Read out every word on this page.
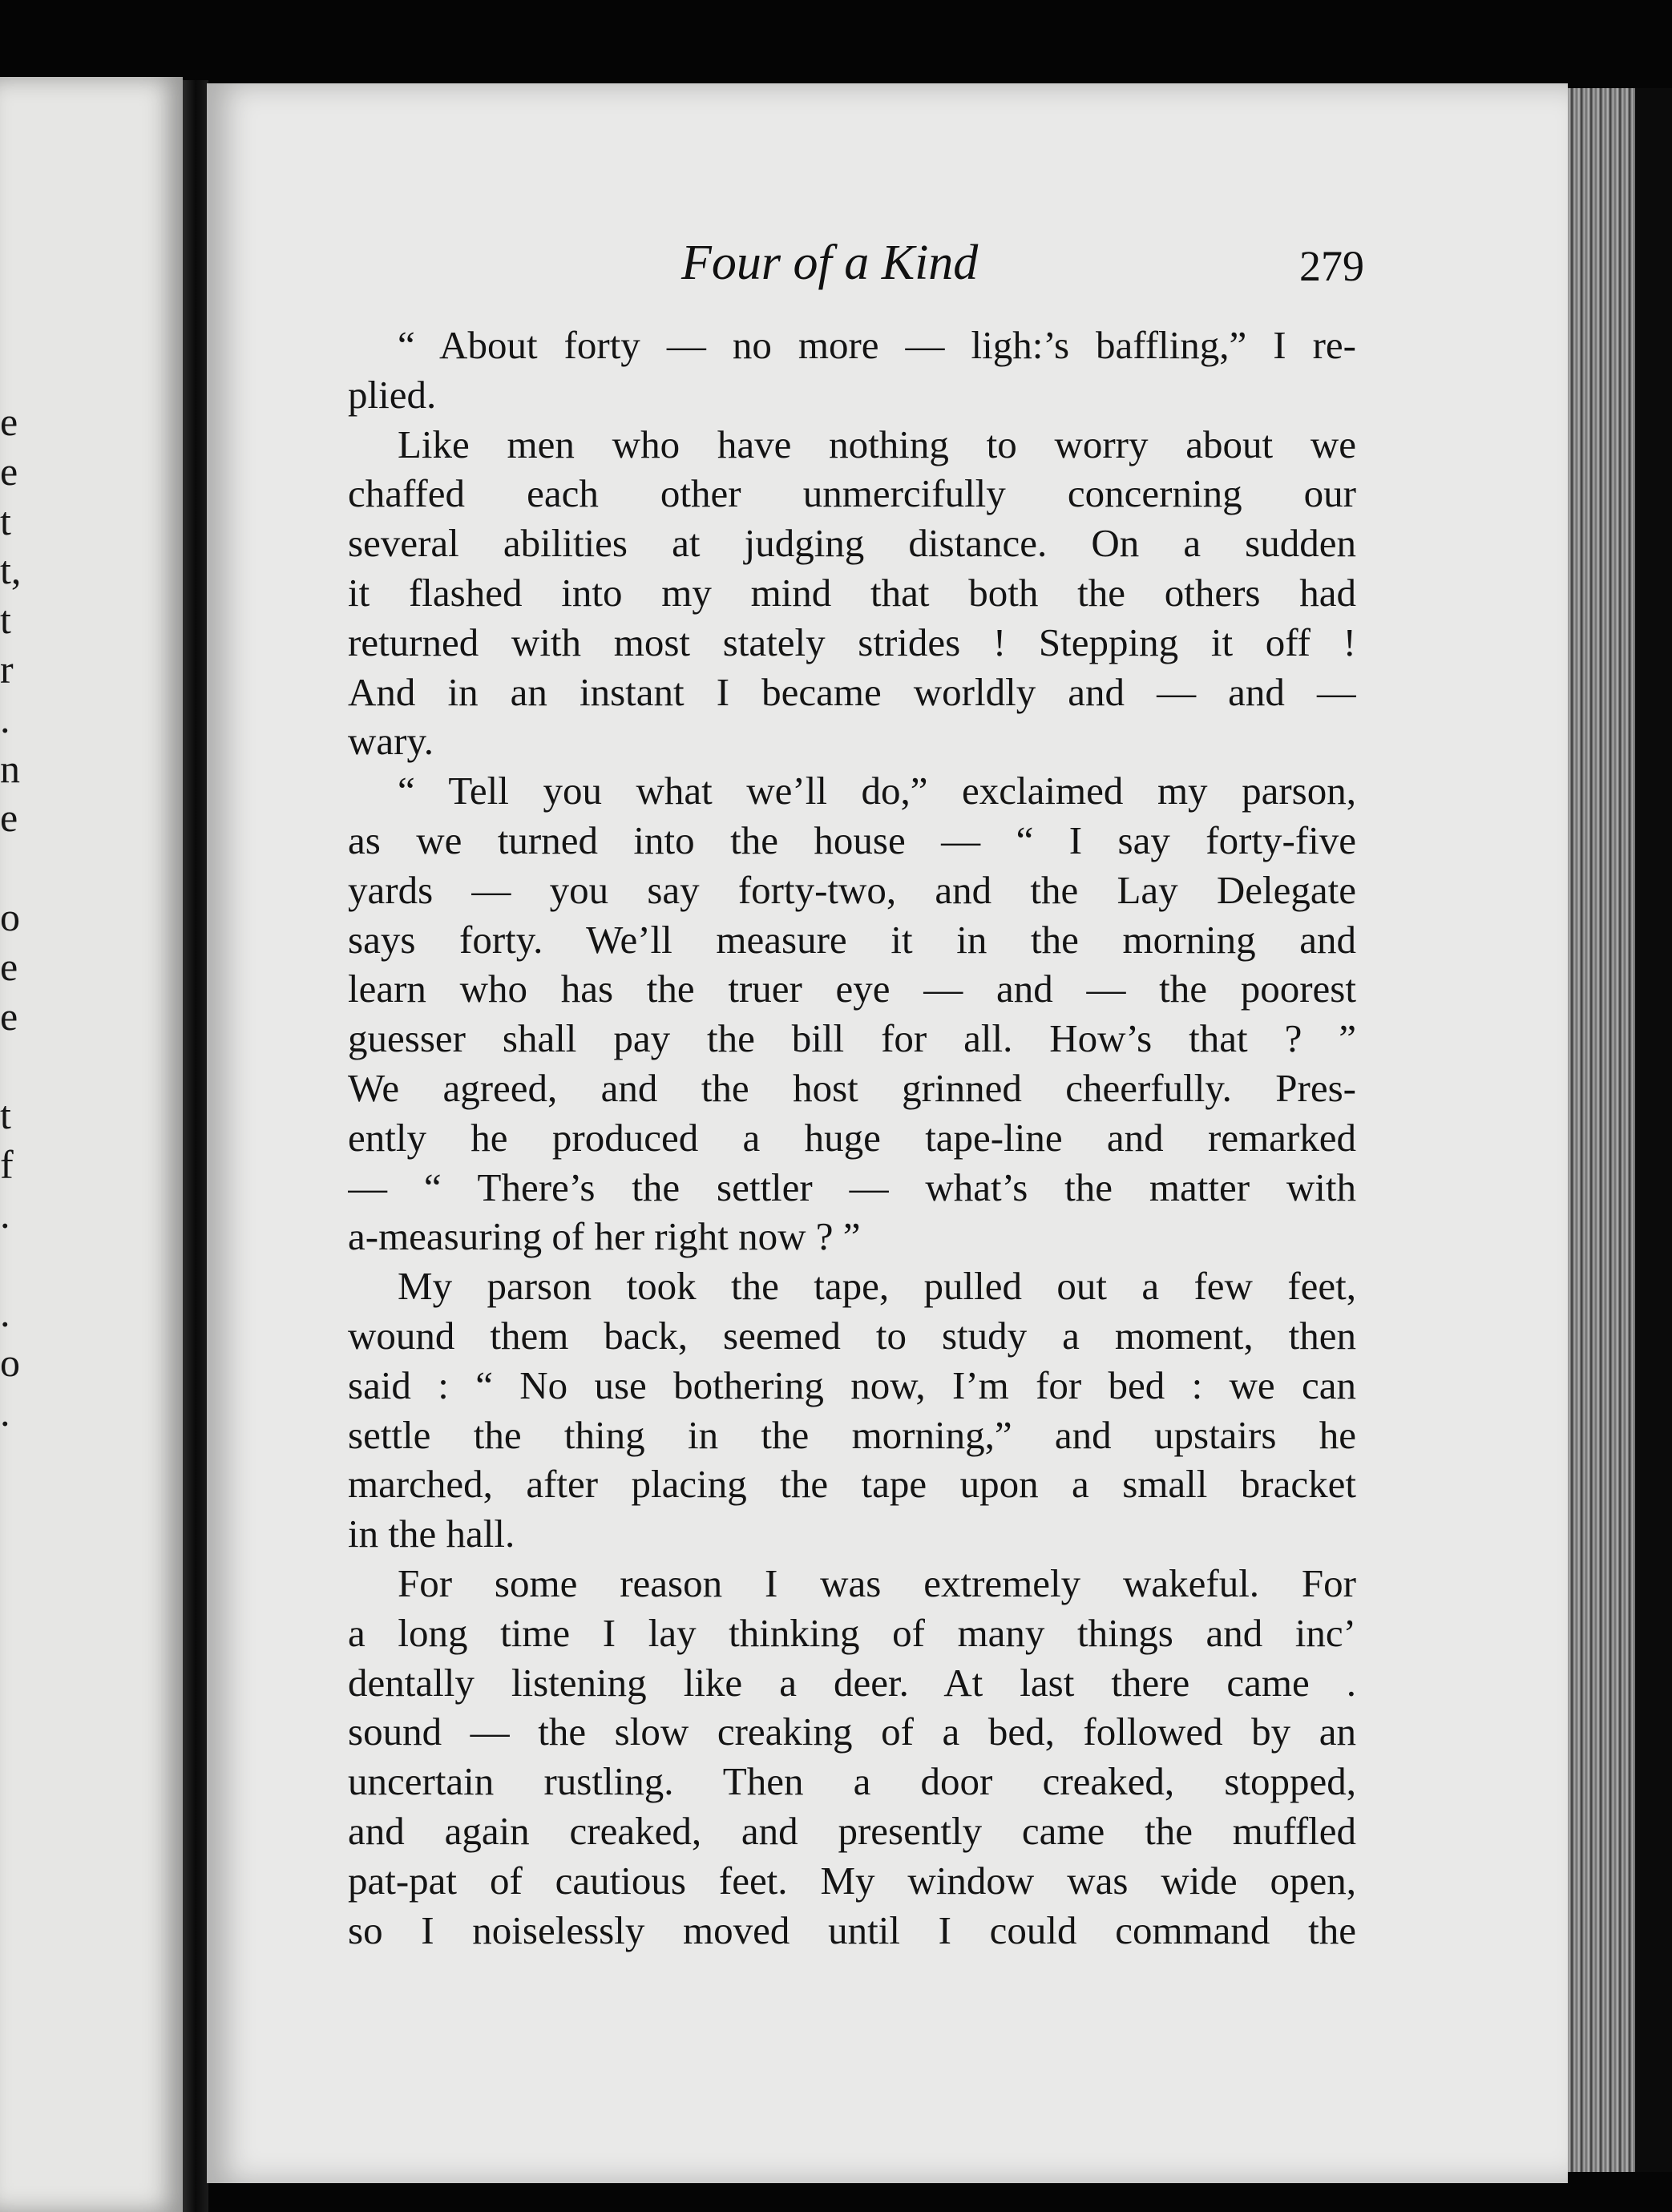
e
e
t
t,
t
r
.
n
e
o
e
e
t
f
.
.
o
.
Four of a Kind	279
“ About forty — no more — ligh:’s baffling,” I re-
plied.
Like men who have nothing to worry about we
chaffed each other unmercifully concerning our
several abilities at judging distance. On a sudden
it flashed into my mind that both the others had
returned with most stately strides ! Stepping it off !
And in an instant I became worldly and — and —
wary.
“ Tell you what we’ll do,” exclaimed my parson,
as we turned into the house — “ I say forty-five
yards — you say forty-two, and the Lay Delegate
says forty. We’ll measure it in the morning and
learn who has the truer eye — and — the poorest
guesser shall pay the bill for all. How’s that ? ”
We agreed, and the host grinned cheerfully. Pres-
ently he produced a huge tape-line and remarked
— “ There’s the settler — what’s the matter with
a-measuring of her right now ? ”
My parson took the tape, pulled out a few feet,
wound them back, seemed to study a moment, then
said : “ No use bothering now, I’m for bed : we can
settle the thing in the morning,” and upstairs he
marched, after placing the tape upon a small bracket
in the hall.
For some reason I was extremely wakeful. For
a long time I lay thinking of many things and inc’
dentally listening like a deer. At last there came .
sound — the slow creaking of a bed, followed by an
uncertain rustling. Then a door creaked, stopped,
and again creaked, and presently came the muffled
pat-pat of cautious feet. My window was wide open,
so I noiselessly moved until I could command the
